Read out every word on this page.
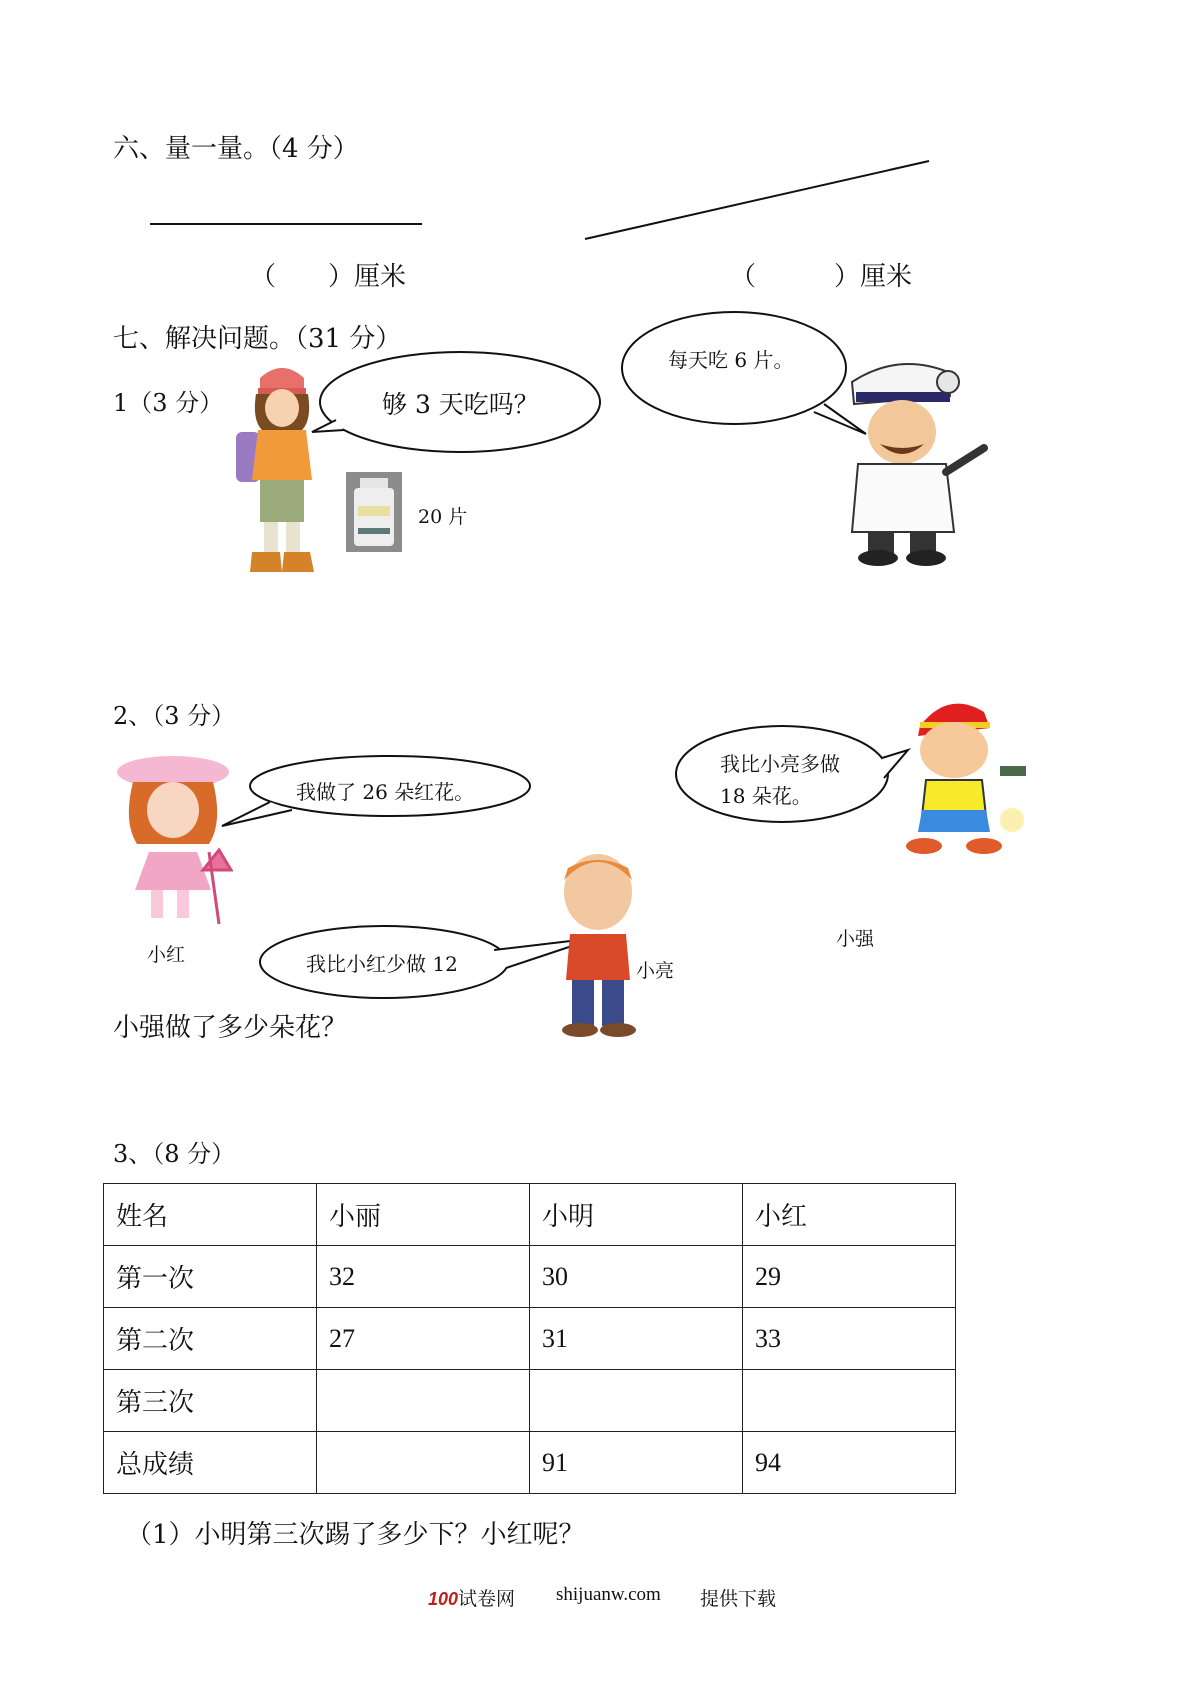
六、量一量。（4 分）
（　　）厘米	（　　　）厘米
七、解决问题。（31 分）
1（3 分）
20 片
够 3 天吃吗？
每天吃 6 片。
2、（3 分）
小红
我做了 26 朵红花。
我比小亮多做
18 朵花。
小强
我比小红少做 12	小亮
小强做了多少朵花？
3、（8 分）
姓名	小丽	小明	小红
第一次	32	30	29
第二次	27	31	33
第三次			
总成绩		91	94
（1）小明第三次踢了多少下？小红呢？
100试卷网 shijuanw.com 提供下载
